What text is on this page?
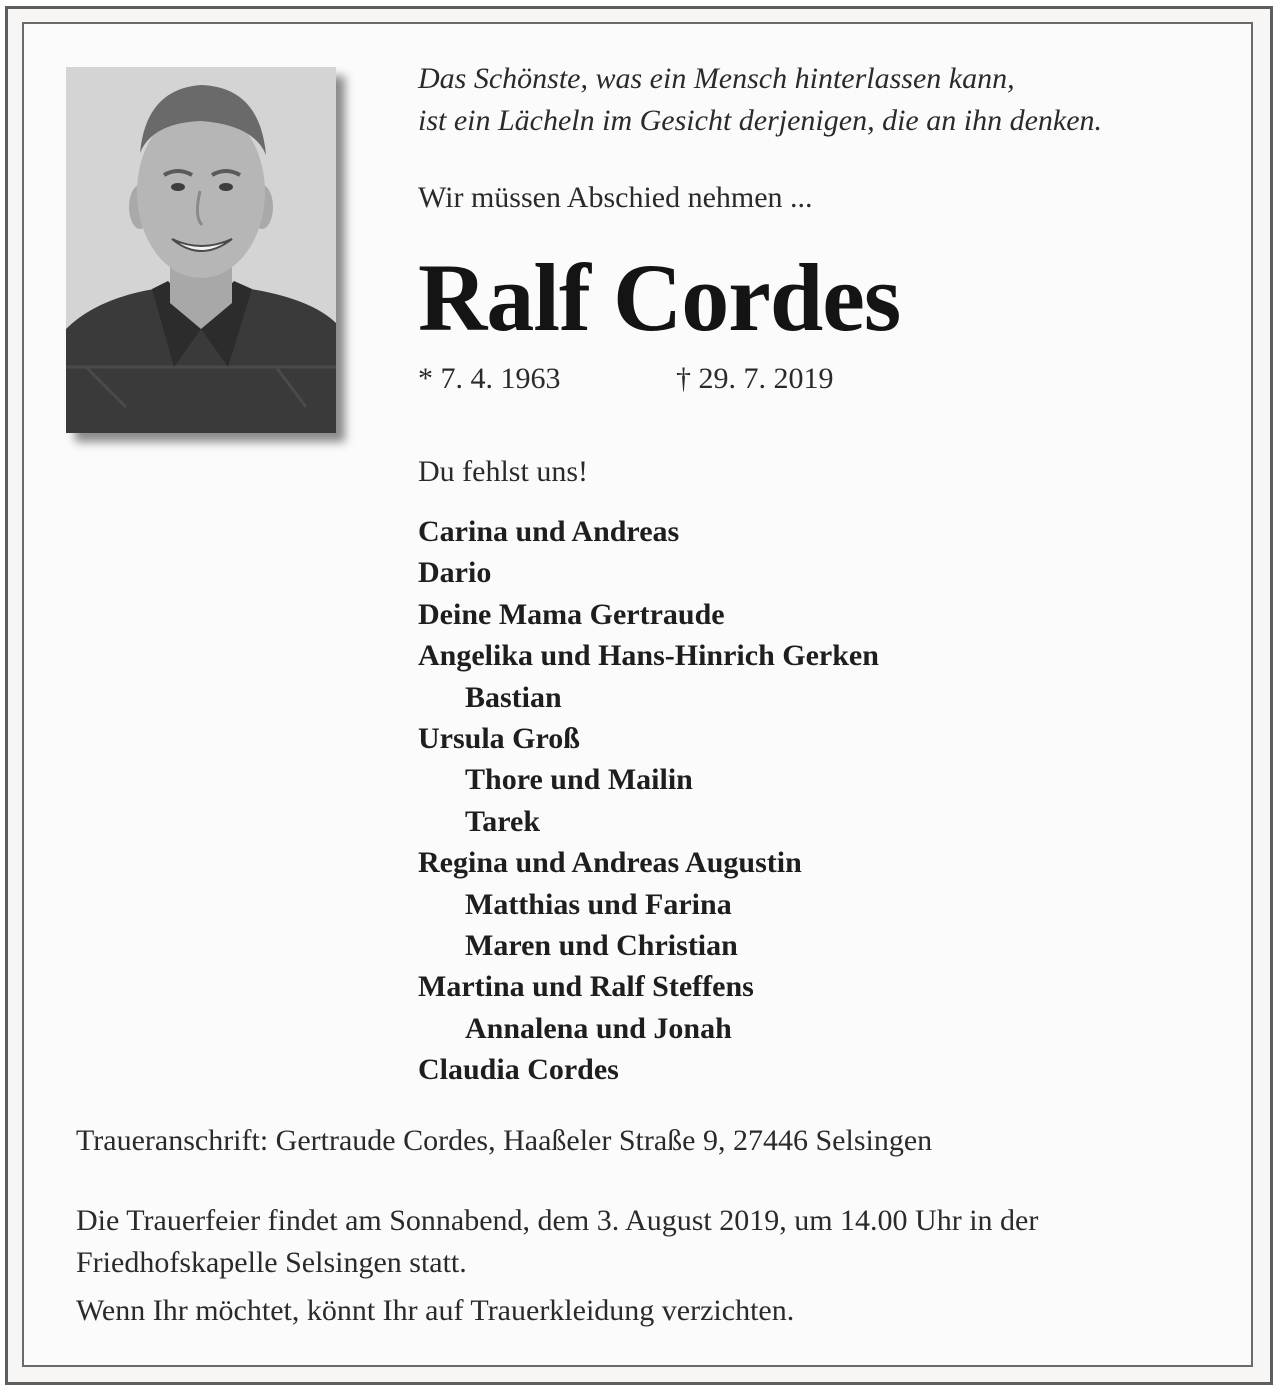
Das Schönste, was ein Mensch hinterlassen kann,
ist ein Lächeln im Gesicht derjenigen, die an ihn denken.
Wir müssen Abschied nehmen ...
Ralf Cordes
* 7. 4. 1963	† 29. 7. 2019
Du fehlst uns!
Carina und Andreas
Dario
Deine Mama Gertraude
Angelika und Hans-Hinrich Gerken
Bastian
Ursula Groß
Thore und Mailin
Tarek
Regina und Andreas Augustin
Matthias und Farina
Maren und Christian
Martina und Ralf Steffens
Annalena und Jonah
Claudia Cordes
Traueranschrift: Gertraude Cordes, Haaßeler Straße 9, 27446 Selsingen
Die Trauerfeier findet am Sonnabend, dem 3. August 2019, um 14.00 Uhr in der
Friedhofskapelle Selsingen statt.
Wenn Ihr möchtet, könnt Ihr auf Trauerkleidung verzichten.
